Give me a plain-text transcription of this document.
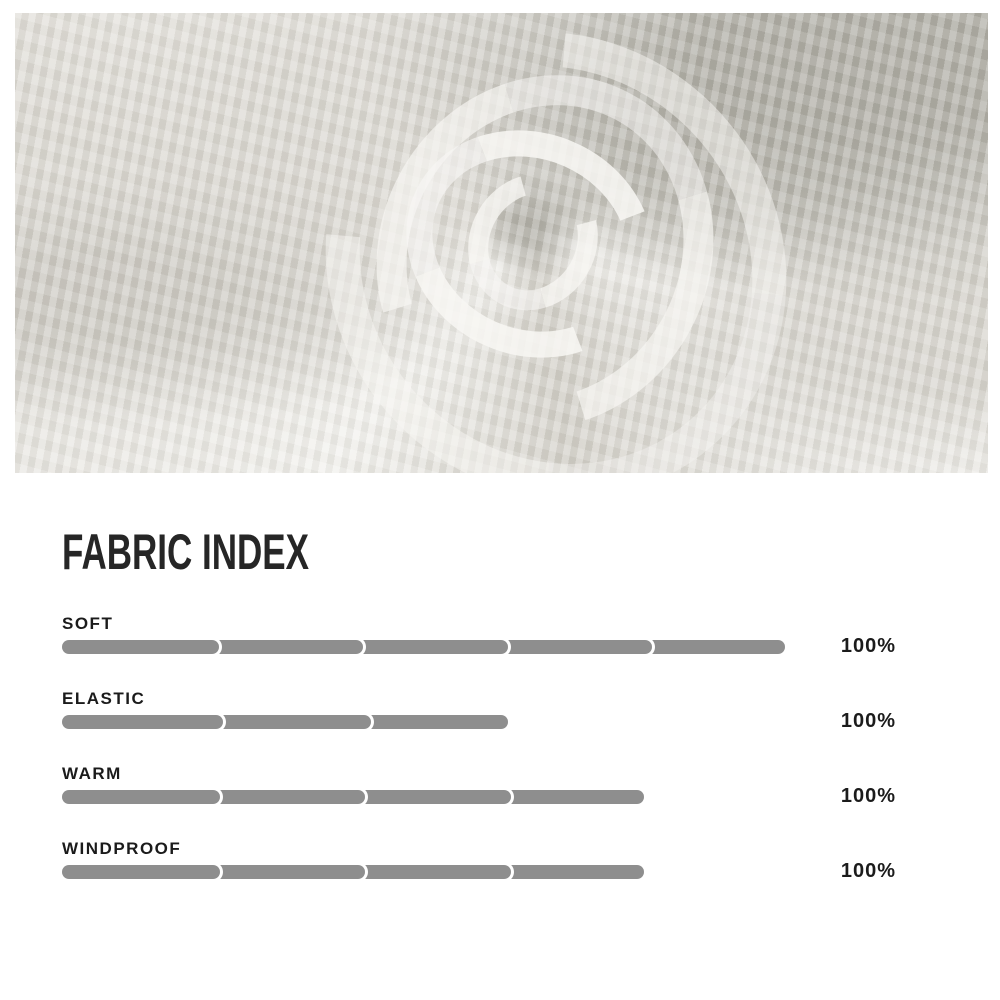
FABRIC INDEX
SOFT
100%
ELASTIC
100%
WARM
100%
WINDPROOF
100%
